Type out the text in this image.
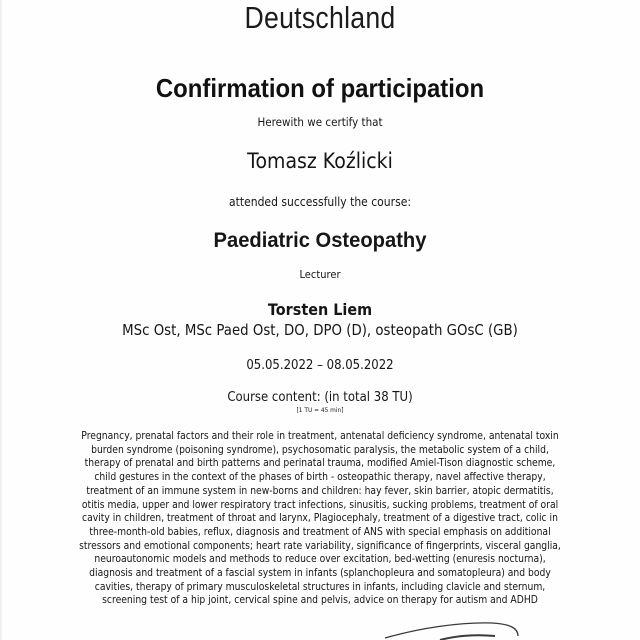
Deutschland
Confirmation of participation
Herewith we certify that
Tomasz Koźlicki
attended successfully the course:
Paediatric Osteopathy
Lecturer
Torsten Liem
MSc Ost, MSc Paed Ost, DO, DPO (D), osteopath GOsC (GB)
05.05.2022 – 08.05.2022
Course content: (in total 38 TU)
[1 TU = 45 min]
Pregnancy, prenatal factors and their role in treatment, antenatal deficiency syndrome, antenatal toxin
burden syndrome (poisoning syndrome), psychosomatic paralysis, the metabolic system of a child,
therapy of prenatal and birth patterns and perinatal trauma, modified Amiel-Tison diagnostic scheme,
child gestures in the context of the phases of birth - osteopathic therapy, navel affective therapy,
treatment of an immune system in new-borns and children: hay fever, skin barrier, atopic dermatitis,
otitis media, upper and lower respiratory tract infections, sinusitis, sucking problems, treatment of oral
cavity in children, treatment of throat and larynx, Plagiocephaly, treatment of a digestive tract, colic in
three-month-old babies, reflux, diagnosis and treatment of ANS with special emphasis on additional
stressors and emotional components; heart rate variability, significance of fingerprints, visceral ganglia,
neuroautonomic models and methods to reduce over excitation, bed-wetting (enuresis nocturna),
diagnosis and treatment of a fascial system in infants (splanchopleura and somatopleura) and body
cavities, therapy of primary musculoskeletal structures in infants, including clavicle and sternum,
screening test of a hip joint, cervical spine and pelvis, advice on therapy for autism and ADHD
